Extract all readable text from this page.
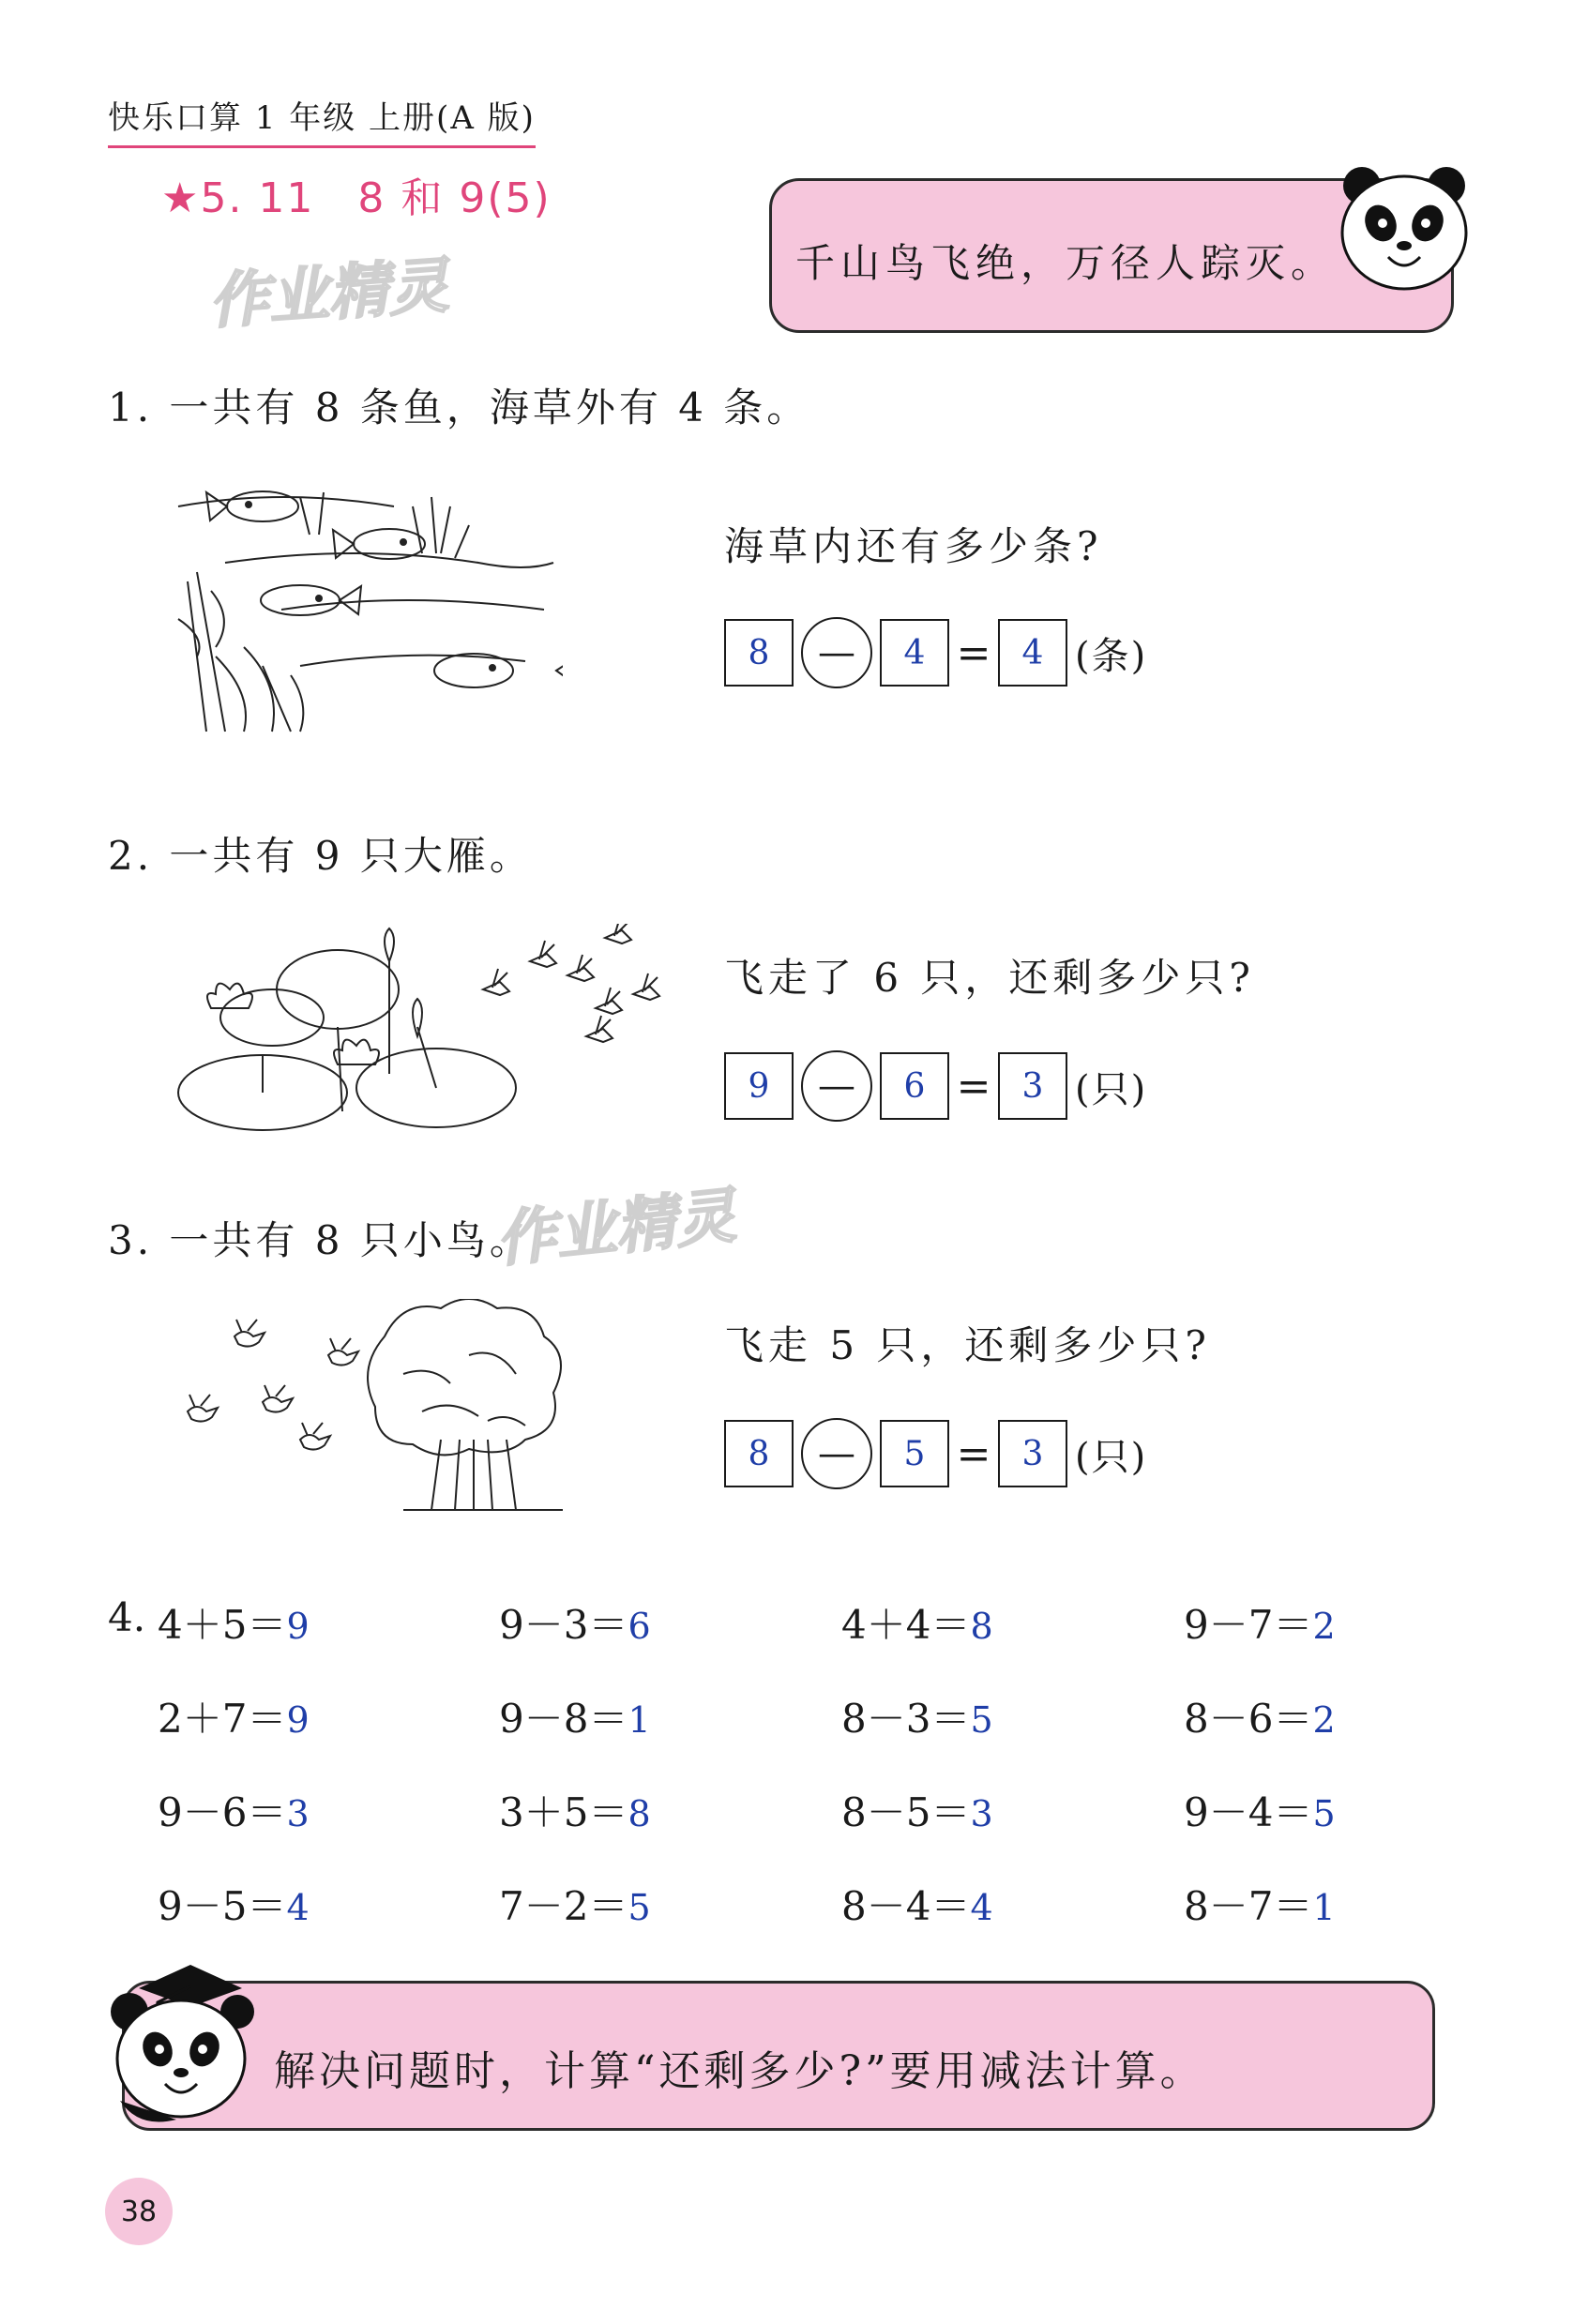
快乐口算 1 年级 上册(A 版)
★5. 11　8 和 9(5)
作业精灵
作业精灵
千山鸟飞绝，万径人踪灭。
1. 一共有 8 条鱼，海草外有 4 条。
海草内还有多少条?
8	—	4 = 4 (条)
2. 一共有 9 只大雁。
飞走了 6 只，还剩多少只?
9	—	6 = 3 (只)
3. 一共有 8 只小鸟。
飞走 5 只，还剩多少只?
8	—	5 = 3 (只)
4. 4＋5＝9	9－3＝6	4＋4＝8	9－7＝2
2＋7＝9	9－8＝1	8－3＝5	8－6＝2
9－6＝3	3＋5＝8	8－5＝3	9－4＝5
9－5＝4	7－2＝5	8－4＝4	8－7＝1
解决问题时，计算“还剩多少?”要用减法计算。
38
